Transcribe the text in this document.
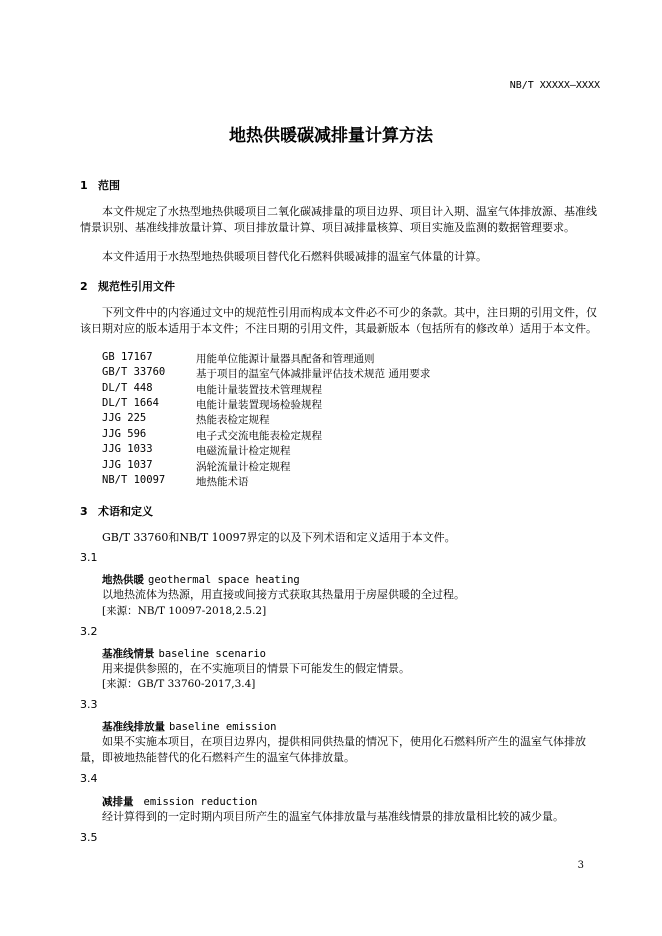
NB/T XXXXX—XXXX
地热供暖碳减排量计算方法
1 范围
本文件规定了水热型地热供暖项目二氧化碳减排量的项目边界、项目计入期、温室气体排放源、基准线情景识别、基准线排放量计算、项目排放量计算、项目减排量核算、项目实施及监测的数据管理要求。
本文件适用于水热型地热供暖项目替代化石燃料供暖减排的温室气体量的计算。
2 规范性引用文件
下列文件中的内容通过文中的规范性引用而构成本文件必不可少的条款。其中，注日期的引用文件，仅该日期对应的版本适用于本文件；不注日期的引用文件，其最新版本（包括所有的修改单）适用于本文件。
GB 17167	用能单位能源计量器具配备和管理通则
GB/T 33760	基于项目的温室气体减排量评估技术规范 通用要求
DL/T 448	电能计量装置技术管理规程
DL/T 1664	电能计量装置现场检验规程
JJG 225	热能表检定规程
JJG 596	电子式交流电能表检定规程
JJG 1033	电磁流量计检定规程
JJG 1037	涡轮流量计检定规程
NB/T 10097	地热能术语
3 术语和定义
GB/T 33760和NB/T 10097界定的以及下列术语和定义适用于本文件。
3.1
地热供暖 geothermal space heating
以地热流体为热源，用直接或间接方式获取其热量用于房屋供暖的全过程。
[来源：NB/T 10097-2018,2.5.2]
3.2
基准线情景 baseline scenario
用来提供参照的，在不实施项目的情景下可能发生的假定情景。
[来源：GB/T 33760-2017,3.4]
3.3
基准线排放量 baseline emission
如果不实施本项目，在项目边界内，提供相同供热量的情况下，使用化石燃料所产生的温室气体排放量，即被地热能替代的化石燃料产生的温室气体排放量。
3.4
减排量 emission reduction
经计算得到的一定时期内项目所产生的温室气体排放量与基准线情景的排放量相比较的减少量。
3.5
3
